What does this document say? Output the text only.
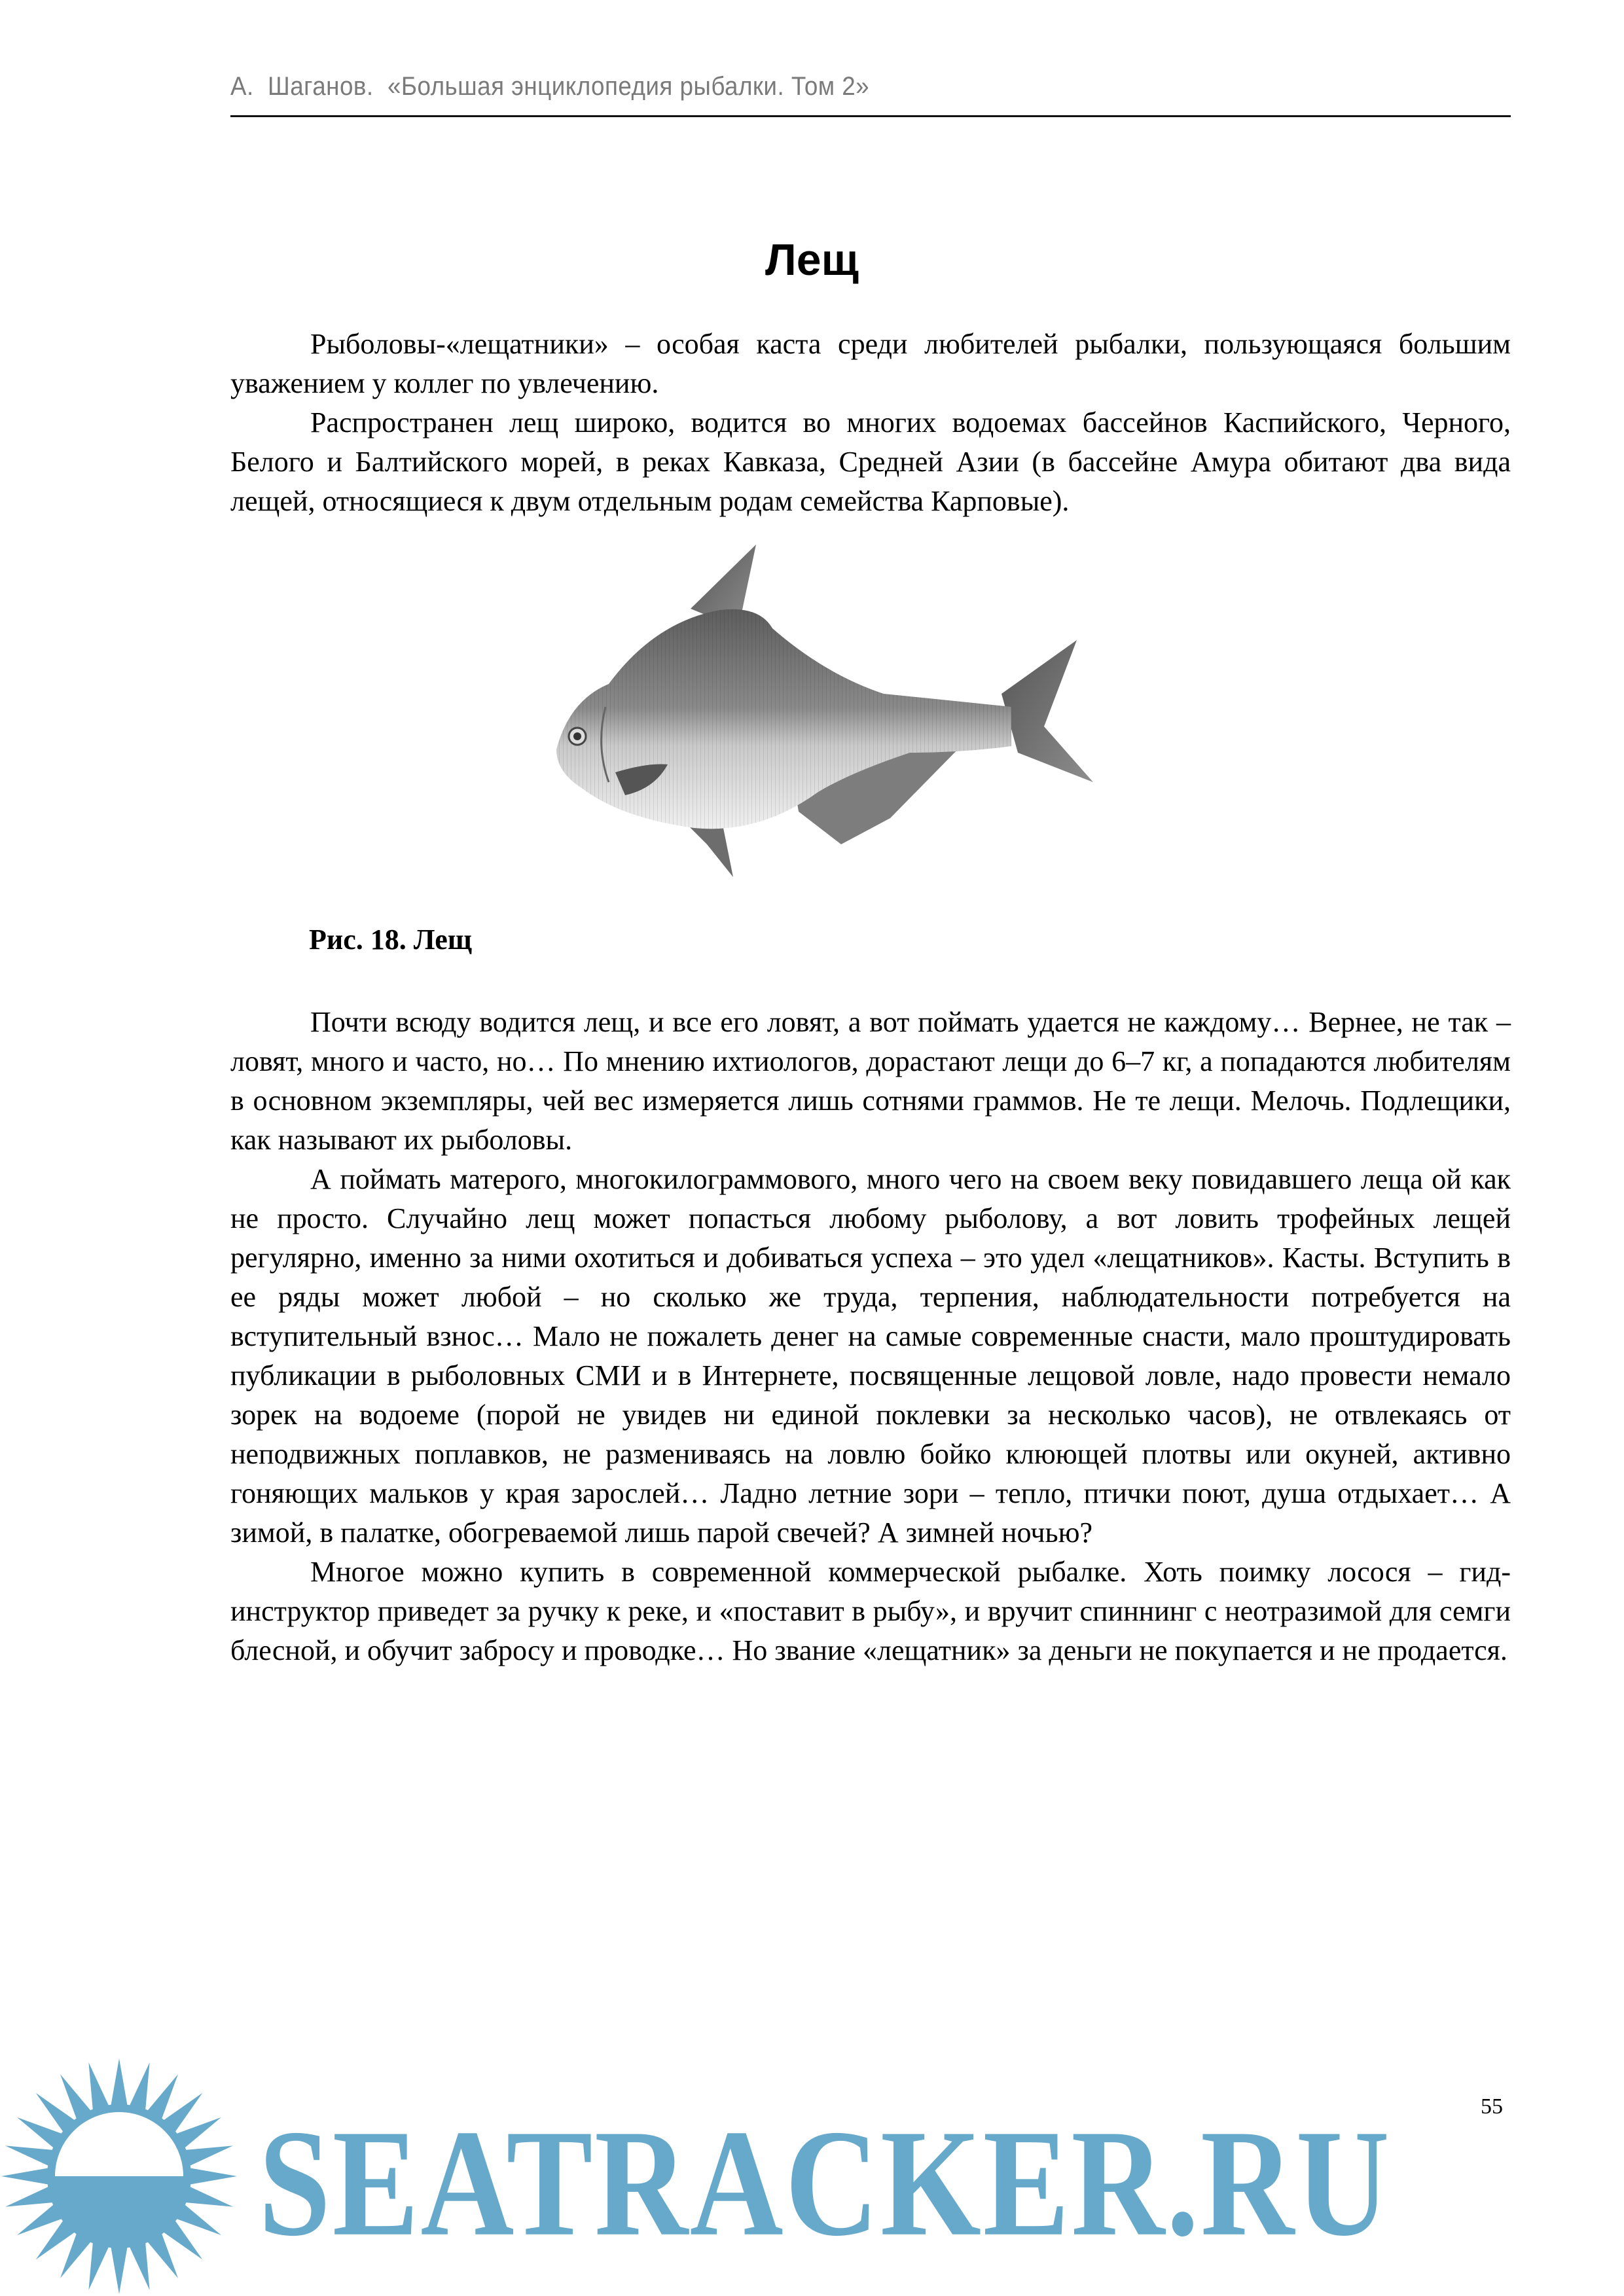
А.  Шаганов.  «Большая энциклопедия рыбалки. Том 2»
Лещ

Рыболовы-«лещатники» – особая каста среди любителей рыбалки, пользующаяся большим уважением у коллег по увлечению.

Распространен лещ широко, водится во многих водоемах бассейнов Каспийского, Черного, Белого и Балтийского морей, в реках Кавказа, Средней Азии (в бассейне Амура обитают два вида лещей, относящиеся к двум отдельным родам семейства Карповые).

Рис. 18. Лещ

Почти всюду водится лещ, и все его ловят, а вот поймать удается не каждому… Вернее, не так – ловят, много и часто, но… По мнению ихтиологов, дорастают лещи до 6–7 кг, а попадаются любителям в основном экземпляры, чей вес измеряется лишь сотнями граммов. Не те лещи. Мелочь. Подлещики, как называют их рыболовы.

А поймать матерого, многокилограммового, много чего на своем веку повидавшего леща ой как не просто. Случайно лещ может попасться любому рыболову, а вот ловить трофейных лещей регулярно, именно за ними охотиться и добиваться успеха – это удел «лещатников». Касты. Вступить в ее ряды может любой – но сколько же труда, терпения, наблюдательности потребуется на вступительный взнос… Мало не пожалеть денег на самые современные снасти, мало проштудировать публикации в рыболовных СМИ и в Интернете, посвященные лещовой ловле, надо провести немало зорек на водоеме (порой не увидев ни единой поклевки за несколько часов), не отвлекаясь от неподвижных поплавков, не размениваясь на ловлю бойко клюющей плотвы или окуней, активно гоняющих мальков у края зарослей… Ладно летние зори – тепло, птички поют, душа отдыхает… А зимой, в палатке, обогреваемой лишь парой свечей? А зимней ночью?

Многое можно купить в современной коммерческой рыбалке. Хоть поимку лосося – гид-инструктор приведет за ручку к реке, и «поставит в рыбу», и вручит спиннинг с неотразимой для семги блесной, и обучит забросу и проводке… Но звание «лещатник» за деньги не покупается и не продается.

SEATRACKER.RU	55
